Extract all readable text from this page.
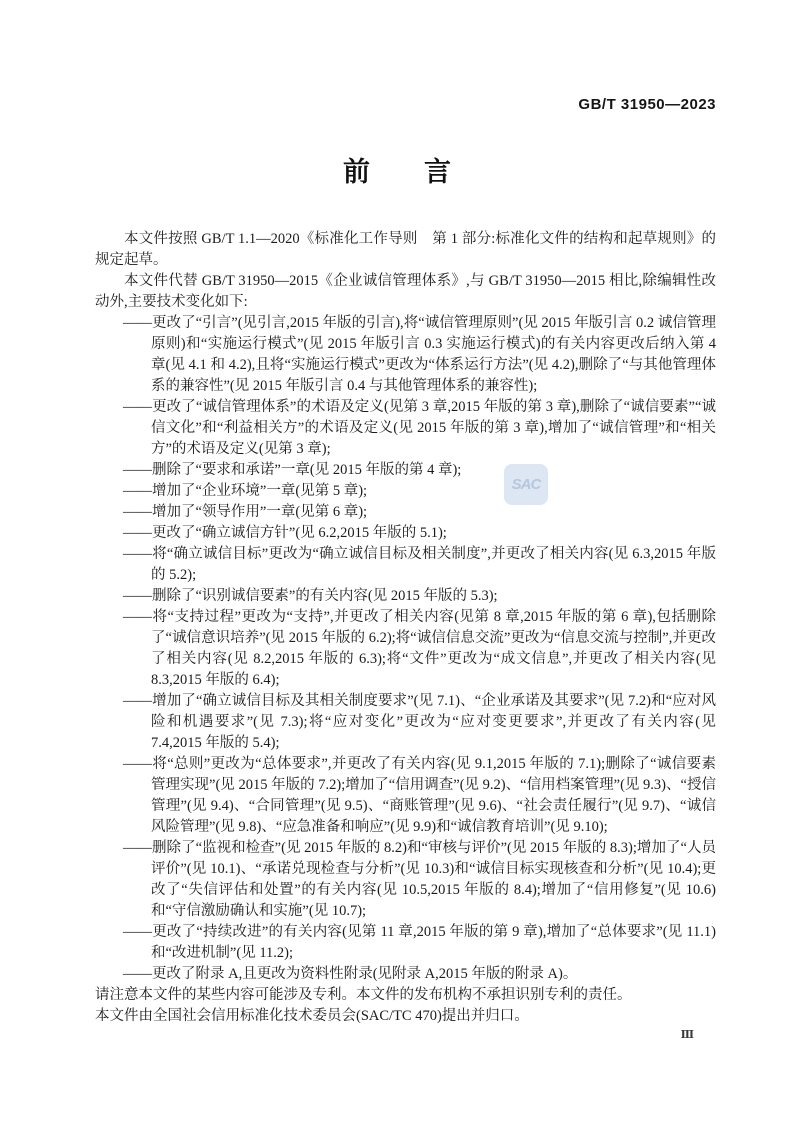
GB/T 31950—2023
前　　言

本文件按照 GB/T 1.1—2020《标准化工作导则　第 1 部分:标准化文件的结构和起草规则》的规定起草。

本文件代替 GB/T 31950—2015《企业诚信管理体系》,与 GB/T 31950—2015 相比,除编辑性改动外,主要技术变化如下:

——更改了“引言”(见引言,2015 年版的引言),将“诚信管理原则”(见 2015 年版引言 0.2 诚信管理原则)和“实施运行模式”(见 2015 年版引言 0.3 实施运行模式)的有关内容更改后纳入第 4 章(见 4.1 和 4.2),且将“实施运行模式”更改为“体系运行方法”(见 4.2),删除了“与其他管理体系的兼容性”(见 2015 年版引言 0.4 与其他管理体系的兼容性);

——更改了“诚信管理体系”的术语及定义(见第 3 章,2015 年版的第 3 章),删除了“诚信要素”“诚信文化”和“利益相关方”的术语及定义(见 2015 年版的第 3 章),增加了“诚信管理”和“相关方”的术语及定义(见第 3 章);

——删除了“要求和承诺”一章(见 2015 年版的第 4 章);

——增加了“企业环境”一章(见第 5 章);

——增加了“领导作用”一章(见第 6 章);

——更改了“确立诚信方针”(见 6.2,2015 年版的 5.1);

——将“确立诚信目标”更改为“确立诚信目标及相关制度”,并更改了相关内容(见 6.3,2015 年版的 5.2);

——删除了“识别诚信要素”的有关内容(见 2015 年版的 5.3);

——将“支持过程”更改为“支持”,并更改了相关内容(见第 8 章,2015 年版的第 6 章),包括删除了“诚信意识培养”(见 2015 年版的 6.2);将“诚信信息交流”更改为“信息交流与控制”,并更改了相关内容(见 8.2,2015 年版的 6.3);将“文件”更改为“成文信息”,并更改了相关内容(见 8.3,2015 年版的 6.4);

——增加了“确立诚信目标及其相关制度要求”(见 7.1)、“企业承诺及其要求”(见 7.2)和“应对风险和机遇要求”(见 7.3);将“应对变化”更改为“应对变更要求”,并更改了有关内容(见 7.4,2015 年版的 5.4);

——将“总则”更改为“总体要求”,并更改了有关内容(见 9.1,2015 年版的 7.1);删除了“诚信要素管理实现”(见 2015 年版的 7.2);增加了“信用调查”(见 9.2)、“信用档案管理”(见 9.3)、“授信管理”(见 9.4)、“合同管理”(见 9.5)、“商账管理”(见 9.6)、“社会责任履行”(见 9.7)、“诚信风险管理”(见 9.8)、“应急准备和响应”(见 9.9)和“诚信教育培训”(见 9.10);

——删除了“监视和检查”(见 2015 年版的 8.2)和“审核与评价”(见 2015 年版的 8.3);增加了“人员评价”(见 10.1)、“承诺兑现检查与分析”(见 10.3)和“诚信目标实现核查和分析”(见 10.4);更改了“失信评估和处置”的有关内容(见 10.5,2015 年版的 8.4);增加了“信用修复”(见 10.6)和“守信激励确认和实施”(见 10.7);

——更改了“持续改进”的有关内容(见第 11 章,2015 年版的第 9 章),增加了“总体要求”(见 11.1)和“改进机制”(见 11.2);

——更改了附录 A,且更改为资料性附录(见附录 A,2015 年版的附录 A)。

请注意本文件的某些内容可能涉及专利。本文件的发布机构不承担识别专利的责任。

本文件由全国社会信用标准化技术委员会(SAC/TC 470)提出并归口。

SAC
Ⅲ
